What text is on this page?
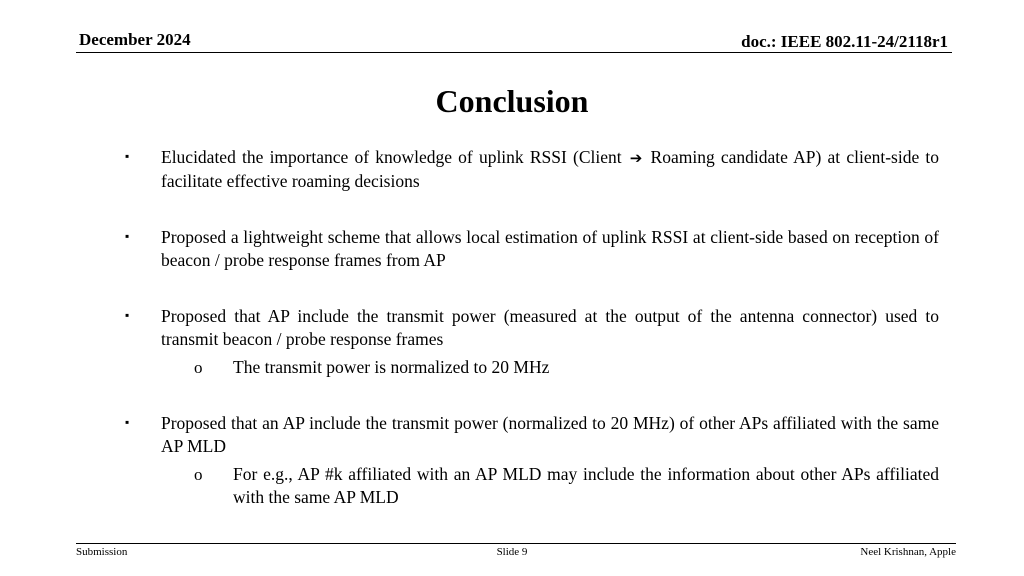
December 2024	doc.: IEEE 802.11-24/2118r1
Conclusion
▪ Elucidated the importance of knowledge of uplink RSSI (Client ➔ Roaming candidate AP) at client-side to facilitate effective roaming decisions
▪ Proposed a lightweight scheme that allows local estimation of uplink RSSI at client-side based on reception of beacon / probe response frames from AP
▪ Proposed that AP include the transmit power (measured at the output of the antenna connector) used to transmit beacon / probe response frames
o The transmit power is normalized to 20 MHz
▪ Proposed that an AP include the transmit power (normalized to 20 MHz) of other APs affiliated with the same AP MLD
o For e.g., AP #k affiliated with an AP MLD may include the information about other APs affiliated with the same AP MLD
Submission	Slide 9	Neel Krishnan, Apple
